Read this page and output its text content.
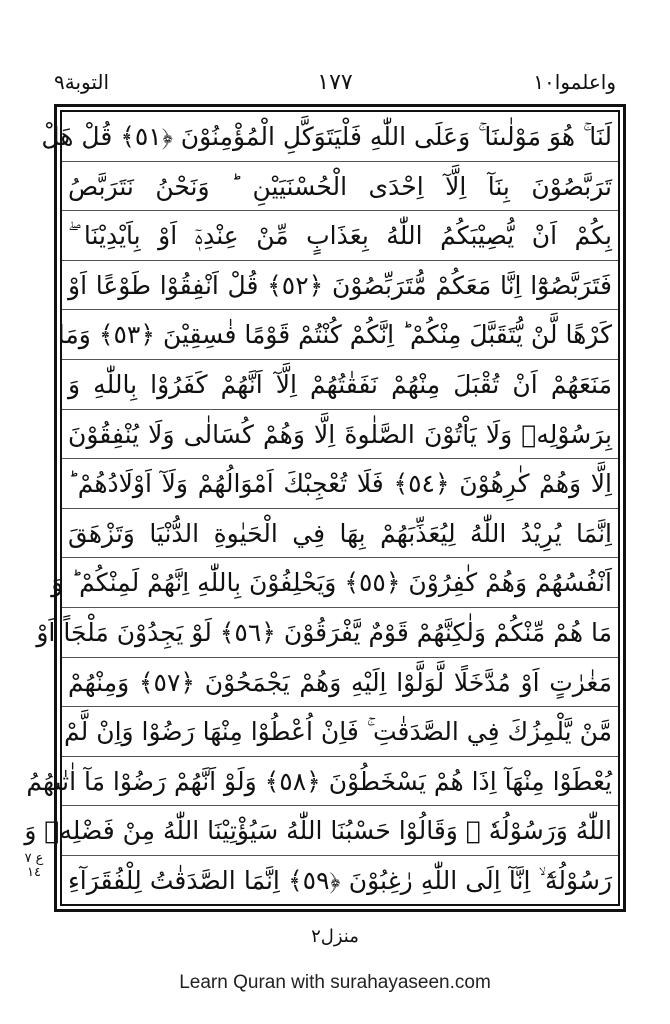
واعلموا١٠
١٧٧
التوبة٩
لَنَا ۚ هُوَ مَوْلٰىنَا ۚ وَعَلَى اللّٰهِ فَلْيَتَوَكَّلِ الْمُؤْمِنُوْنَ ﴿٥١﴾ قُلْ هَلْ
تَرَبَّصُوْنَ بِنَآ اِلَّآ اِحْدَى الْحُسْنَيَيْنِ ؕ وَنَحْنُ نَتَرَبَّصُ
بِكُمْ اَنْ يُّصِيْبَكُمُ اللّٰهُ بِعَذَابٍ مِّنْ عِنْدِهٖٓ اَوْ بِاَيْدِيْنَا ۖ
فَتَرَبَّصُوْٓا اِنَّا مَعَكُمْ مُّتَرَبِّصُوْنَ ﴿٥٢﴾ قُلْ اَنْفِقُوْا طَوْعًا اَوْ
كَرْهًا لَّنْ يُّتَقَبَّلَ مِنْكُمْ ؕ اِنَّكُمْ كُنْتُمْ قَوْمًا فٰسِقِيْنَ ﴿٥٣﴾ وَمَا
مَنَعَهُمْ اَنْ تُقْبَلَ مِنْهُمْ نَفَقٰتُهُمْ اِلَّآ اَنَّهُمْ كَفَرُوْا بِاللّٰهِ وَ
بِرَسُوْلِهٖ وَلَا يَاْتُوْنَ الصَّلٰوةَ اِلَّا وَهُمْ كُسَالٰى وَلَا يُنْفِقُوْنَ
اِلَّا وَهُمْ كٰرِهُوْنَ ﴿٥٤﴾ فَلَا تُعْجِبْكَ اَمْوَالُهُمْ وَلَآ اَوْلَادُهُمْ ؕ
اِنَّمَا يُرِيْدُ اللّٰهُ لِيُعَذِّبَهُمْ بِهَا فِي الْحَيٰوةِ الدُّنْيَا وَتَزْهَقَ
اَنْفُسُهُمْ وَهُمْ كٰفِرُوْنَ ﴿٥٥﴾ وَيَحْلِفُوْنَ بِاللّٰهِ اِنَّهُمْ لَمِنْكُمْ ؕ وَ
مَا هُمْ مِّنْكُمْ وَلٰكِنَّهُمْ قَوْمٌ يَّفْرَقُوْنَ ﴿٥٦﴾ لَوْ يَجِدُوْنَ مَلْجَاً اَوْ
مَغٰرٰتٍ اَوْ مُدَّخَلًا لَّوَلَّوْا اِلَيْهِ وَهُمْ يَجْمَحُوْنَ ﴿٥٧﴾ وَمِنْهُمْ
مَّنْ يَّلْمِزُكَ فِي الصَّدَقٰتِ ۚ فَاِنْ اُعْطُوْا مِنْهَا رَضُوْا وَاِنْ لَّمْ
يُعْطَوْا مِنْهَآ اِذَا هُمْ يَسْخَطُوْنَ ﴿٥٨﴾ وَلَوْ اَنَّهُمْ رَضُوْا مَآ اٰتٰىهُمُ
اللّٰهُ وَرَسُوْلُهٗ ۙ وَقَالُوْا حَسْبُنَا اللّٰهُ سَيُؤْتِيْنَا اللّٰهُ مِنْ فَضْلِهٖ وَ
رَسُوْلُهٗٓ ۙ اِنَّآ اِلَى اللّٰهِ رٰغِبُوْنَ ﴿٥٩﴾ اِنَّمَا الصَّدَقٰتُ لِلْفُقَرَآءِ
ع ٧
١٤
منزل٢
Learn Quran with surahayaseen.com
